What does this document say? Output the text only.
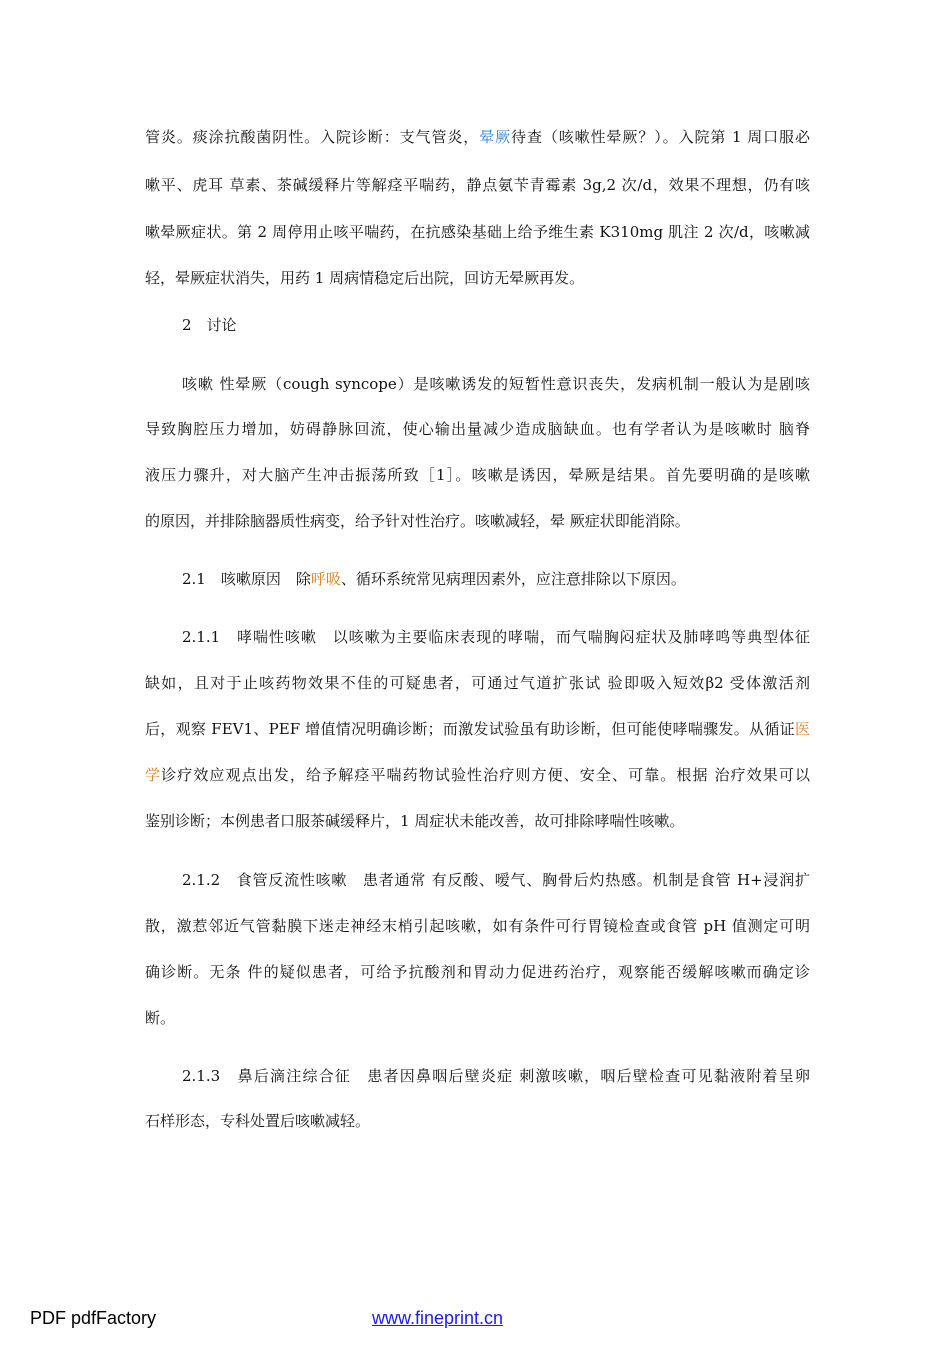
管炎。痰涂抗酸菌阴性。入院诊断：支气管炎，晕厥待查（咳嗽性晕厥？）。入院第 1 周口服必
嗽平、虎耳 草素、茶碱缓释片等解痉平喘药，静点氨苄青霉素 3g,2 次/d，效果不理想，仍有咳
嗽晕厥症状。第 2 周停用止咳平喘药，在抗感染基础上给予维生素 K310mg 肌注 2 次/d，咳嗽减
轻，晕厥症状消失，用药 1 周病情稳定后出院，回访无晕厥再发。
2　讨论
咳嗽 性晕厥（cough syncope）是咳嗽诱发的短暂性意识丧失，发病机制一般认为是剧咳
导致胸腔压力增加，妨碍静脉回流，使心输出量减少造成脑缺血。也有学者认为是咳嗽时 脑脊
液压力骤升，对大脑产生冲击振荡所致［1］。咳嗽是诱因，晕厥是结果。首先要明确的是咳嗽
的原因，并排除脑器质性病变，给予针对性治疗。咳嗽减轻，晕 厥症状即能消除。
2.1　咳嗽原因　除呼吸、循环系统常见病理因素外，应注意排除以下原因。
2.1.1　哮喘性咳嗽　以咳嗽为主要临床表现的哮喘，而气喘胸闷症状及肺哮鸣等典型体征
缺如，且对于止咳药物效果不佳的可疑患者，可通过气道扩张试 验即吸入短效β2 受体激活剂
后，观察 FEV1、PEF 增值情况明确诊断；而激发试验虽有助诊断，但可能使哮喘骤发。从循证医
学诊疗效应观点出发，给予解痉平喘药物试验性治疗则方便、安全、可靠。根据 治疗效果可以
鉴别诊断；本例患者口服茶碱缓释片，1 周症状未能改善，故可排除哮喘性咳嗽。
2.1.2　食管反流性咳嗽　患者通常 有反酸、嗳气、胸骨后灼热感。机制是食管 H+浸润扩
散，激惹邻近气管黏膜下迷走神经末梢引起咳嗽，如有条件可行胃镜检查或食管 pH 值测定可明
确诊断。无条 件的疑似患者，可给予抗酸剂和胃动力促进药治疗，观察能否缓解咳嗽而确定诊
断。
2.1.3　鼻后滴注综合征　患者因鼻咽后壁炎症 刺激咳嗽，咽后壁检查可见黏液附着呈卵
石样形态，专科处置后咳嗽减轻。
PDF pdfFactory	www.fineprint.cn
